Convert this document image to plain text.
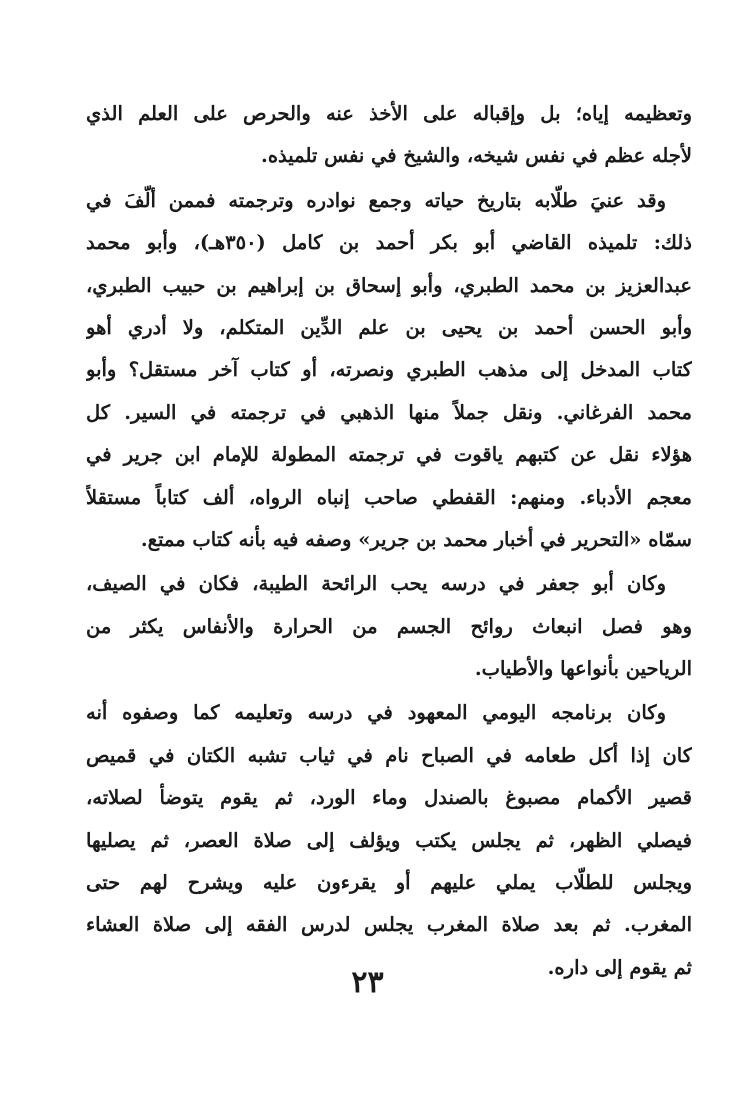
وتعظيمه إياه؛ بل وإقباله على الأخذ عنه والحرص على العلم الذي
لأجله عظم في نفس شيخه، والشيخ في نفس تلميذه.
وقد عنيَ طلّابه بتاريخ حياته وجمع نوادره وترجمته فممن ألّفَ في
ذلك: تلميذه القاضي أبو بكر أحمد بن كامل (٣٥٠هـ)، وأبو محمد
عبدالعزيز بن محمد الطبري، وأبو إسحاق بن إبراهيم بن حبيب الطبري،
وأبو الحسن أحمد بن يحيى بن علم الدِّين المتكلم، ولا أدري أهو
كتاب المدخل إلى مذهب الطبري ونصرته، أو كتاب آخر مستقل؟ وأبو
محمد الفرغاني. ونقل جملاً منها الذهبي في ترجمته في السير. كل
هؤلاء نقل عن كتبهم ياقوت في ترجمته المطولة للإمام ابن جرير في
معجم الأدباء. ومنهم: القفطي صاحب إنباه الرواه، ألف كتاباً مستقلاً
سمّاه «التحرير في أخبار محمد بن جرير» وصفه فيه بأنه كتاب ممتع.
وكان أبو جعفر في درسه يحب الرائحة الطيبة، فكان في الصيف،
وهو فصل انبعاث روائح الجسم من الحرارة والأنفاس يكثر من
الرياحين بأنواعها والأطياب.
وكان برنامجه اليومي المعهود في درسه وتعليمه كما وصفوه أنه
كان إذا أكل طعامه في الصباح نام في ثياب تشبه الكتان في قميص
قصير الأكمام مصبوغ بالصندل وماء الورد، ثم يقوم يتوضأ لصلاته،
فيصلي الظهر، ثم يجلس يكتب ويؤلف إلى صلاة العصر، ثم يصليها
ويجلس للطلّاب يملي عليهم أو يقرءون عليه ويشرح لهم حتى
المغرب. ثم بعد صلاة المغرب يجلس لدرس الفقه إلى صلاة العشاء
ثم يقوم إلى داره.
٢٣
